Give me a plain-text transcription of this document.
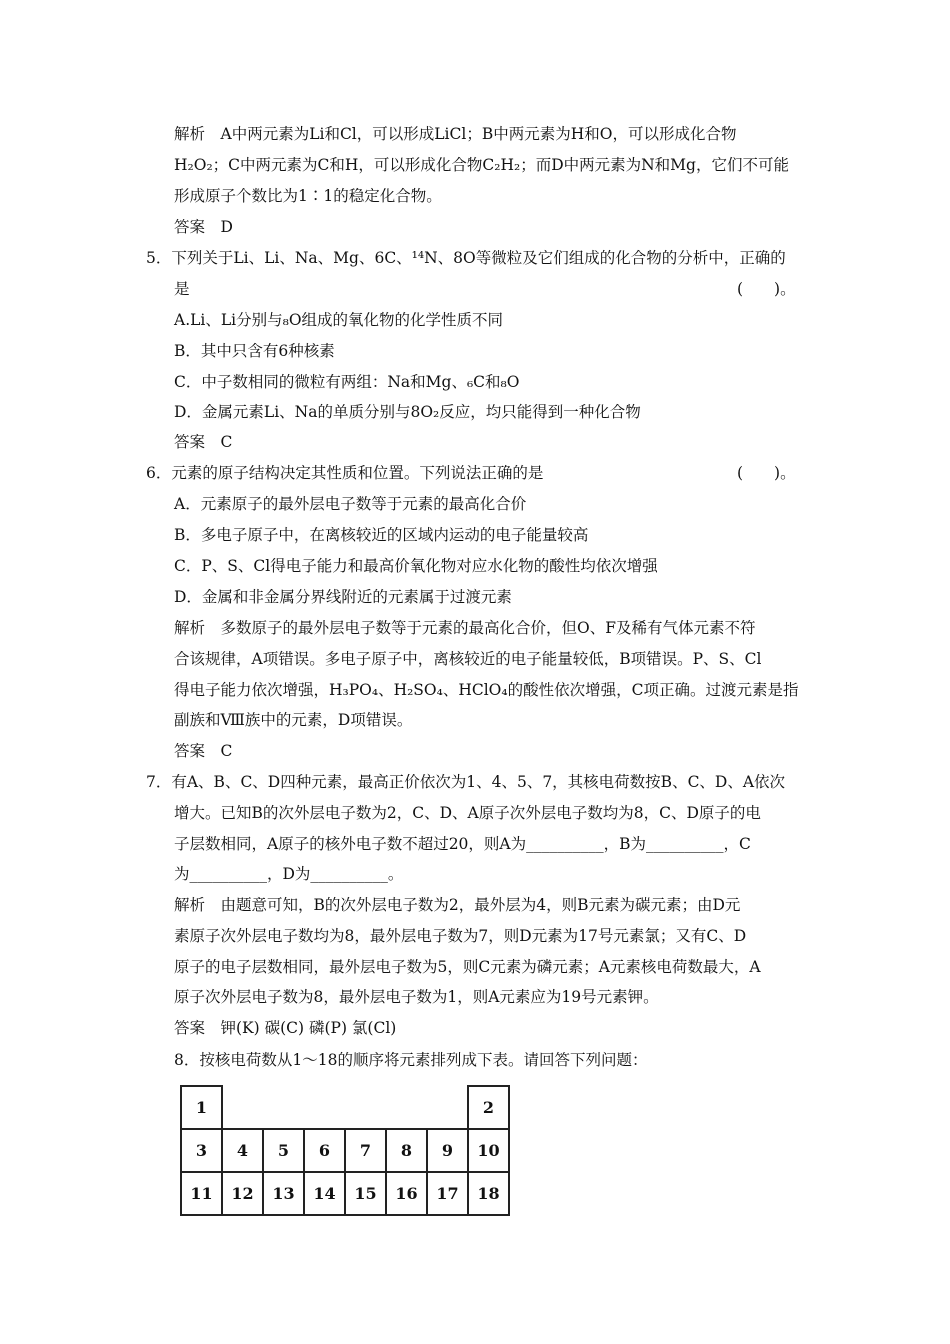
解析　A中两元素为Li和Cl，可以形成LiCl；B中两元素为H和O，可以形成化合物
H₂O₂；C中两元素为C和H，可以形成化合物C₂H₂；而D中两元素为N和Mg，它们不可能
形成原子个数比为1∶1的稳定化合物。
答案　D
5．下列关于Li、Li、Na、Mg、6C、¹⁴N、8O等微粒及它们组成的化合物的分析中，正确的
是	(　　)。
A.Li、Li分别与₈O组成的氧化物的化学性质不同
B．其中只含有6种核素
C．中子数相同的微粒有两组：Na和Mg、₆C和₈O
D．金属元素Li、Na的单质分别与8O₂反应，均只能得到一种化合物
答案　C
6．元素的原子结构决定其性质和位置。下列说法正确的是	(　　)。
A．元素原子的最外层电子数等于元素的最高化合价
B．多电子原子中，在离核较近的区域内运动的电子能量较高
C．P、S、Cl得电子能力和最高价氧化物对应水化物的酸性均依次增强
D．金属和非金属分界线附近的元素属于过渡元素
解析　多数原子的最外层电子数等于元素的最高化合价，但O、F及稀有气体元素不符
合该规律，A项错误。多电子原子中，离核较近的电子能量较低，B项错误。P、S、Cl
得电子能力依次增强，H₃PO₄、H₂SO₄、HClO₄的酸性依次增强，C项正确。过渡元素是指
副族和Ⅷ族中的元素，D项错误。
答案　C
7．有A、B、C、D四种元素，最高正价依次为1、4、5、7，其核电荷数按B、C、D、A依次
增大。已知B的次外层电子数为2，C、D、A原子次外层电子数均为8，C、D原子的电
子层数相同，A原子的核外电子数不超过20，则A为__________，B为__________，C
为__________，D为__________。
解析　由题意可知，B的次外层电子数为2，最外层为4，则B元素为碳元素；由D元
素原子次外层电子数均为8，最外层电子数为7，则D元素为17号元素氯；又有C、D
原子的电子层数相同，最外层电子数为5，则C元素为磷元素；A元素核电荷数最大，A
原子次外层电子数为8，最外层电子数为1，则A元素应为19号元素钾。
答案　钾(K) 碳(C) 磷(P) 氯(Cl)
8．按核电荷数从1～18的顺序将元素排列成下表。请回答下列问题：
1							2
3	4	5	6	7	8	9	10
11	12	13	14	15	16	17	18
